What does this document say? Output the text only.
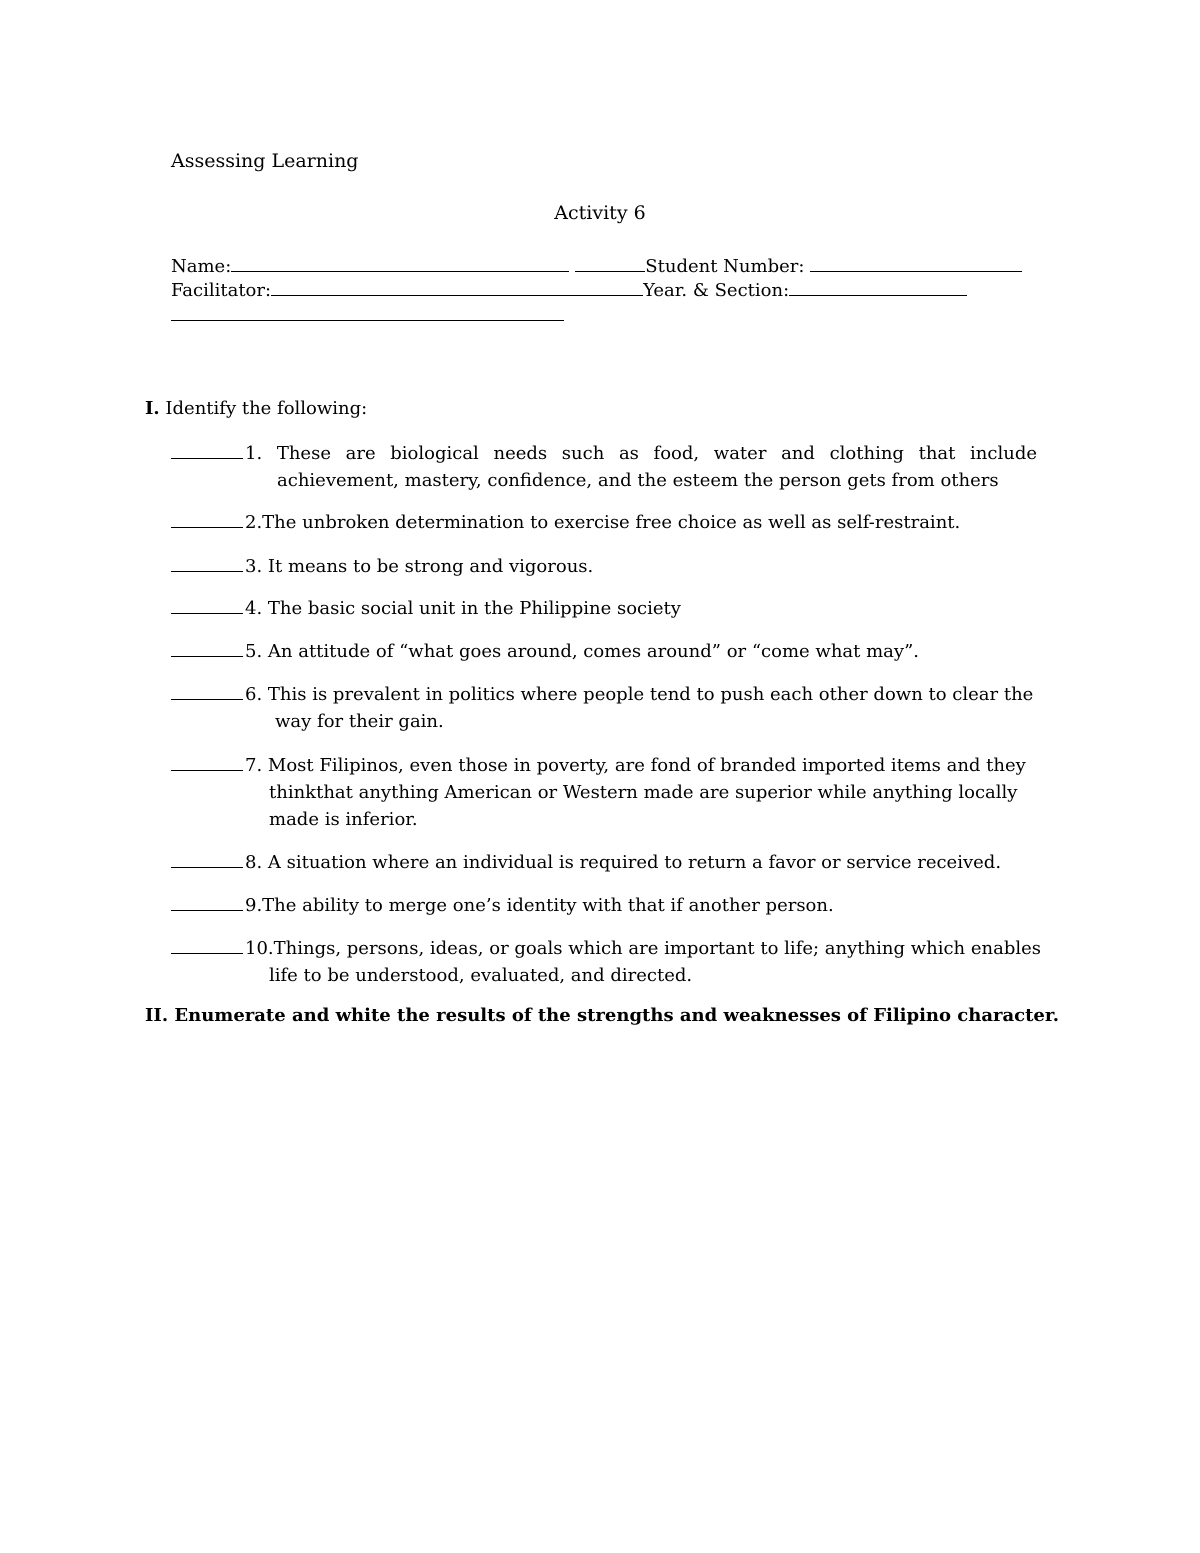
Assessing Learning
Activity 6
Name:	Student Number:
Facilitator:	Year. & Section:
I. Identify the following:
1. These are biological needs such as food, water and clothing that include
achievement, mastery, confidence, and the esteem the person gets from others
2.The unbroken determination to exercise free choice as well as self-restraint.
3. It means to be strong and vigorous.
4. The basic social unit in the Philippine society
5. An attitude of “what goes around, comes around” or “come what may”.
6. This is prevalent in politics where people tend to push each other down to clear the
way for their gain.
7. Most Filipinos, even those in poverty, are fond of branded imported items and they
thinkthat anything American or Western made are superior while anything locally
made is inferior.
8. A situation where an individual is required to return a favor or service received.
9.The ability to merge one’s identity with that if another person.
10.Things, persons, ideas, or goals which are important to life; anything which enables
life to be understood, evaluated, and directed.
II. Enumerate and white the results of the strengths and weaknesses of Filipino character.
